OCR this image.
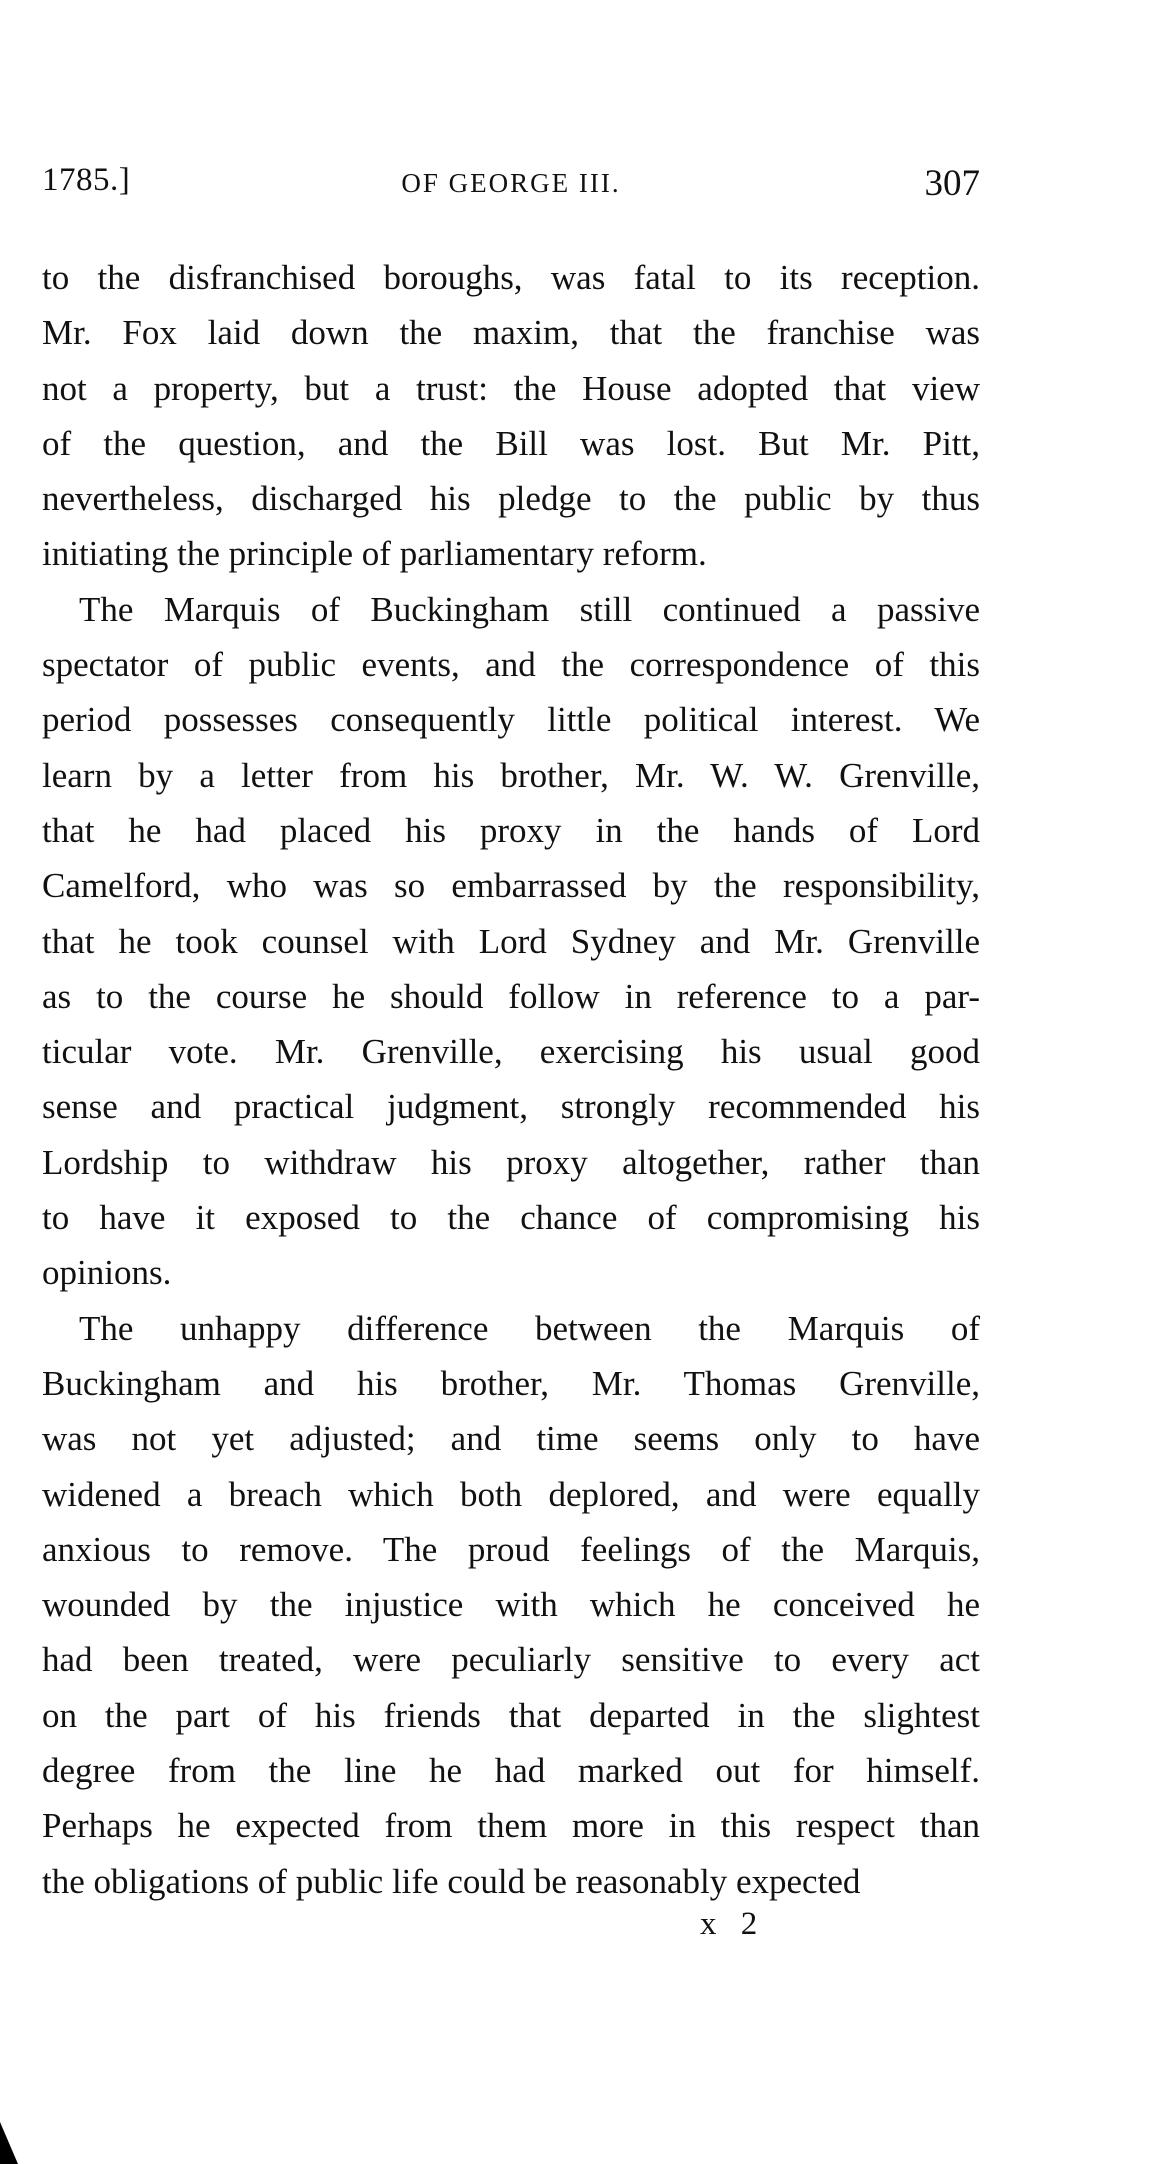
1785.]	OF GEORGE III.	307
to the disfranchised boroughs, was fatal to its reception.
Mr. Fox laid down the maxim, that the franchise was
not a property, but a trust: the House adopted that view
of the question, and the Bill was lost. But Mr. Pitt,
nevertheless, discharged his pledge to the public by thus
initiating the principle of parliamentary reform.
The Marquis of Buckingham still continued a passive
spectator of public events, and the correspondence of this
period possesses consequently little political interest. We
learn by a letter from his brother, Mr. W. W. Grenville,
that he had placed his proxy in the hands of Lord
Camelford, who was so embarrassed by the responsibility,
that he took counsel with Lord Sydney and Mr. Grenville
as to the course he should follow in reference to a par-
ticular vote. Mr. Grenville, exercising his usual good
sense and practical judgment, strongly recommended his
Lordship to withdraw his proxy altogether, rather than
to have it exposed to the chance of compromising his
opinions.
The unhappy difference between the Marquis of
Buckingham and his brother, Mr. Thomas Grenville,
was not yet adjusted; and time seems only to have
widened a breach which both deplored, and were equally
anxious to remove. The proud feelings of the Marquis,
wounded by the injustice with which he conceived he
had been treated, were peculiarly sensitive to every act
on the part of his friends that departed in the slightest
degree from the line he had marked out for himself.
Perhaps he expected from them more in this respect than
the obligations of public life could be reasonably expected
x 2
